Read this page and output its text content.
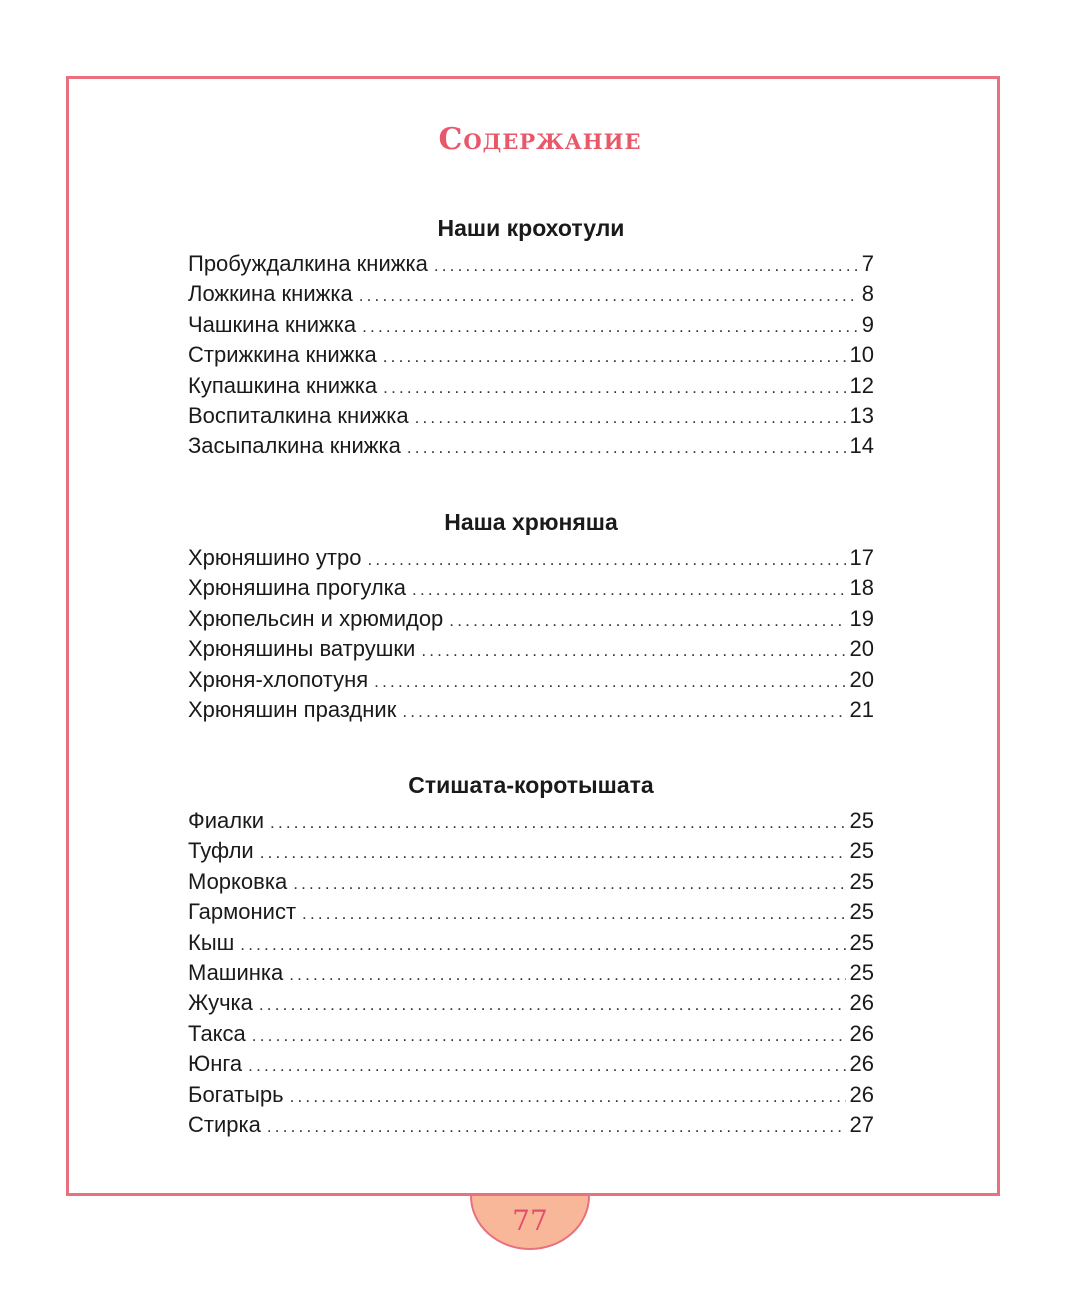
Содержание
Наши крохотули
Пробуждалкина книжка .....	7
Ложкина книжка .....	8
Чашкина книжка .....	9
Стрижкина книжка .....	10
Купашкина книжка .....	12
Воспиталкина книжка .....	13
Засыпалкина книжка .....	14
Наша хрюняша
Хрюняшино утро .....	17
Хрюняшина прогулка .....	18
Хрюпельсин и хрюмидор .....	19
Хрюняшины ватрушки .....	20
Хрюня-хлопотуня .....	20
Хрюняшин праздник .....	21
Стишата-коротышата
Фиалки .....	25
Туфли .....	25
Морковка .....	25
Гармонист .....	25
Кыш .....	25
Машинка .....	25
Жучка .....	26
Такса .....	26
Юнга .....	26
Богатырь .....	26
Стирка .....	27
77
